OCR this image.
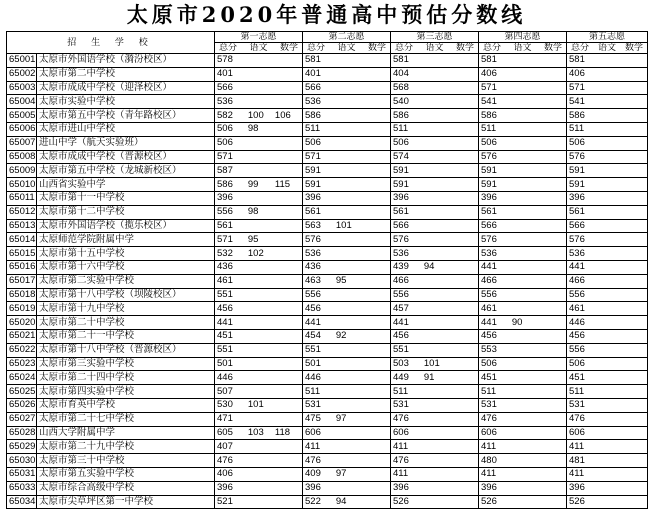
太原市2020年普通高中预估分数线
招 生 学 校		第一志愿	第二志愿	第三志愿	第四志愿	第五志愿

		总分 语文 数学	总分 语文 数学	总分 语文 数学	总分 语文 数学	总分 语文 数学

65001	太原市外国语学校（漪汾校区）	578	581	581	581	581

65002	太原市第二中学校	401	401	404	406	406

65003	太原市成成中学校（迎泽校区）	566	566	568	571	571

65004	太原市实验中学校	536	536	540	541	541

65005	太原市第五中学校（青年路校区）	582 100 106	586	586	586	586

65006	太原市进山中学校	506 98	511	511	511	511

65007	进山中学（航天实验班）	506	506	506	506	506

65008	太原市成成中学校（晋源校区）	571	571	574	576	576

65009	太原市第五中学校（龙城新校区）	587	591	591	591	591

65010	山西省实验中学	586 99 115	591	591	591	591

65011	太原市第十一中学校	396	396	396	396	396

65012	太原市第十二中学校	556 98	561	561	561	561

65013	太原市外国语学校（揽乐校区）	561	563 101	566	566	566

65014	太原师范学院附属中学	571 95	576	576	576	576

65015	太原市第十五中学校	532 102	536	536	536	536

65016	太原市第十六中学校	436	436	439 94	441	441

65017	太原市第二实验中学校	461	463 95	466	466	466

65018	太原市第十八中学校（坝陵校区）	551	556	556	556	556

65019	太原市第十九中学校	456	456	457	461	461

65020	太原市第二十中学校	441	441	441	441 90	446

65021	太原市第二十一中学校	451	454 92	456	456	456

65022	太原市第十八中学校（晋源校区）	551	551	551	553	556

65023	太原市第三实验中学校	501	501	503 101	506	506

65024	太原市第二十四中学校	446	446	449 91	451	451

65025	太原市第四实验中学校	507	511	511	511	511

65026	太原市育英中学校	530 101	531	531	531	531

65027	太原市第二十七中学校	471	475 97	476	476	476

65028	山西大学附属中学	605 103 118	606	606	606	606

65029	太原市第二十九中学校	407	411	411	411	411

65030	太原市第三十中学校	476	476	476	480	481

65031	太原市第五实验中学校	406	409 97	411	411	411

65033	太原市综合高级中学校	396	396	396	396	396

65034	太原市尖草坪区第一中学校	521	522 94	526	526	526
